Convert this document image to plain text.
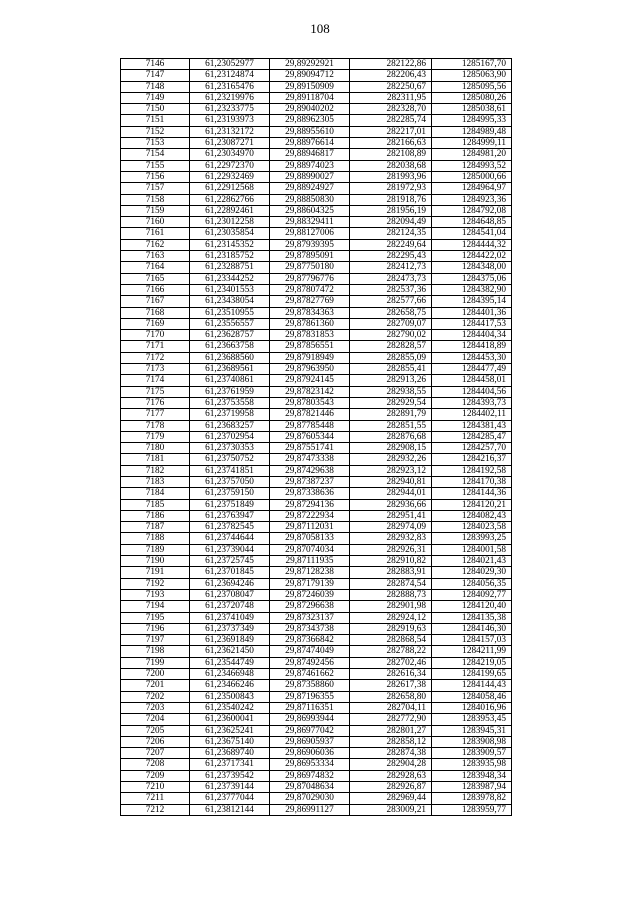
108
7146	61,23052977	29,89292921	282122,86	1285167,70
7147	61,23124874	29,89094712	282206,43	1285063,90
7148	61,23165476	29,89150909	282250,67	1285095,56
7149	61,23219976	29,89118704	282311,95	1285080,26
7150	61,23233775	29,89040202	282328,70	1285038,61
7151	61,23193973	29,88962305	282285,74	1284995,33
7152	61,23132172	29,88955610	282217,01	1284989,48
7153	61,23087271	29,88976614	282166,63	1284999,11
7154	61,23034970	29,88946817	282108,89	1284981,20
7155	61,22972370	29,88974023	282038,68	1284993,52
7156	61,22932469	29,88990027	281993,96	1285000,66
7157	61,22912568	29,88924927	281972,93	1284964,97
7158	61,22862766	29,88850830	281918,76	1284923,36
7159	61,22892461	29,88604325	281956,19	1284792,08
7160	61,23012258	29,88329411	282094,49	1284648,85
7161	61,23035854	29,88127006	282124,35	1284541,04
7162	61,23145352	29,87939395	282249,64	1284444,32
7163	61,23185752	29,87895091	282295,43	1284422,02
7164	61,23288751	29,87750180	282412,73	1284348,00
7165	61,23344252	29,87796776	282473,73	1284375,06
7166	61,23401553	29,87807472	282537,36	1284382,90
7167	61,23438054	29,87827769	282577,66	1284395,14
7168	61,23510955	29,87834363	282658,75	1284401,36
7169	61,23556557	29,87861360	282709,07	1284417,53
7170	61,23628757	29,87831853	282790,02	1284404,34
7171	61,23663758	29,87856551	282828,57	1284418,89
7172	61,23688560	29,87918949	282855,09	1284453,30
7173	61,23689561	29,87963950	282855,41	1284477,49
7174	61,23740861	29,87924145	282913,26	1284458,01
7175	61,23761959	29,87823142	282938,55	1284404,56
7176	61,23753558	29,87803543	282929,54	1284393,73
7177	61,23719958	29,87821446	282891,79	1284402,11
7178	61,23683257	29,87785448	282851,55	1284381,43
7179	61,23702954	29,87605344	282876,68	1284285,47
7180	61,23730353	29,87551741	282908,15	1284257,70
7181	61,23750752	29,87473338	282932,26	1284216,37
7182	61,23741851	29,87429638	282923,12	1284192,58
7183	61,23757050	29,87387237	282940,81	1284170,38
7184	61,23759150	29,87338636	282944,01	1284144,36
7185	61,23751849	29,87294136	282936,66	1284120,21
7186	61,23763947	29,87222934	282951,41	1284082,43
7187	61,23782545	29,87112031	282974,09	1284023,58
7188	61,23744644	29,87058133	282932,83	1283993,25
7189	61,23739044	29,87074034	282926,31	1284001,58
7190	61,23725745	29,87111935	282910,82	1284021,43
7191	61,23701845	29,87128238	282883,91	1284029,30
7192	61,23694246	29,87179139	282874,54	1284056,35
7193	61,23708047	29,87246039	282888,73	1284092,77
7194	61,23720748	29,87296638	282901,98	1284120,40
7195	61,23741049	29,87323137	282924,12	1284135,38
7196	61,23737349	29,87343738	282919,63	1284146,30
7197	61,23691849	29,87366842	282868,54	1284157,03
7198	61,23621450	29,87474049	282788,22	1284211,99
7199	61,23544749	29,87492456	282702,46	1284219,05
7200	61,23466948	29,87461662	282616,34	1284199,65
7201	61,23466246	29,87358860	282617,38	1284144,43
7202	61,23500843	29,87196355	282658,80	1284058,46
7203	61,23540242	29,87116351	282704,11	1284016,96
7204	61,23600041	29,86993944	282772,90	1283953,45
7205	61,23625241	29,86977042	282801,27	1283945,31
7206	61,23675140	29,86905937	282858,12	1283908,98
7207	61,23689740	29,86906036	282874,38	1283909,57
7208	61,23717341	29,86953334	282904,28	1283935,98
7209	61,23739542	29,86974832	282928,63	1283948,34
7210	61,23739144	29,87048634	282926,87	1283987,94
7211	61,23777044	29,87029030	282969,44	1283978,82
7212	61,23812144	29,86991127	283009,21	1283959,77
